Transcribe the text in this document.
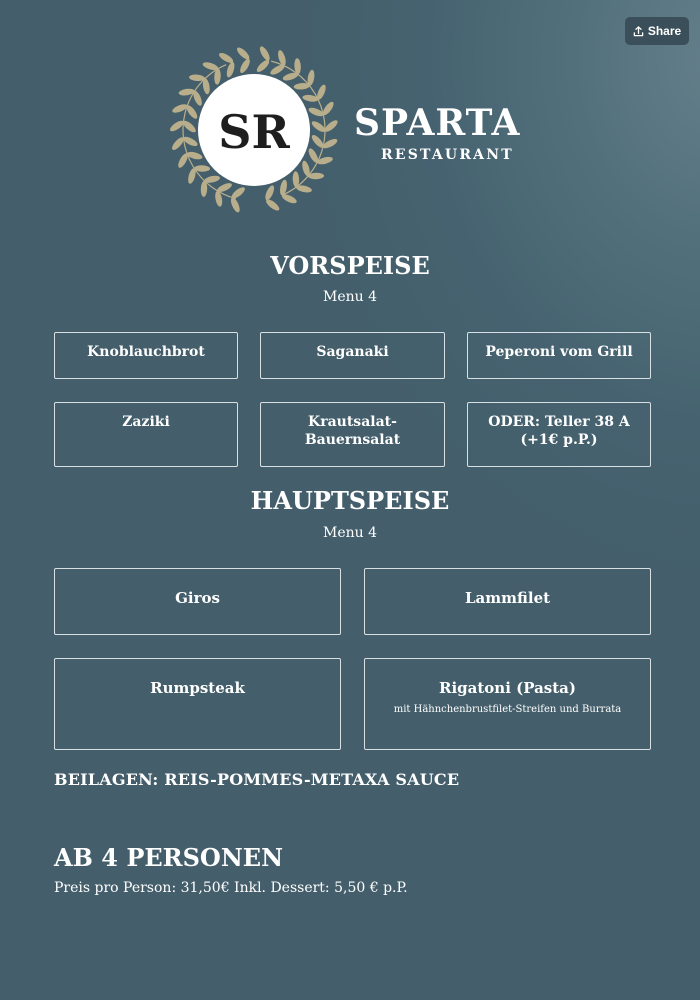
Share
SR SPARTA
RESTAURANT
VORSPEISE
Menu 4
Knoblauchbrot	Saganaki	Peperoni vom Grill
Zaziki	Krautsalat-Bauernsalat
ODER: Teller 38 A (+1€ p.P.)
HAUPTSPEISE
Menu 4
Giros	Lammfilet
Rumpsteak	Rigatoni (Pasta)
mit Hähnchenbrustfilet-Streifen und Burrata
BEILAGEN: REIS-POMMES-METAXA SAUCE
AB 4 PERSONEN
Preis pro Person: 31,50€ Inkl. Dessert: 5,50 € p.P.
